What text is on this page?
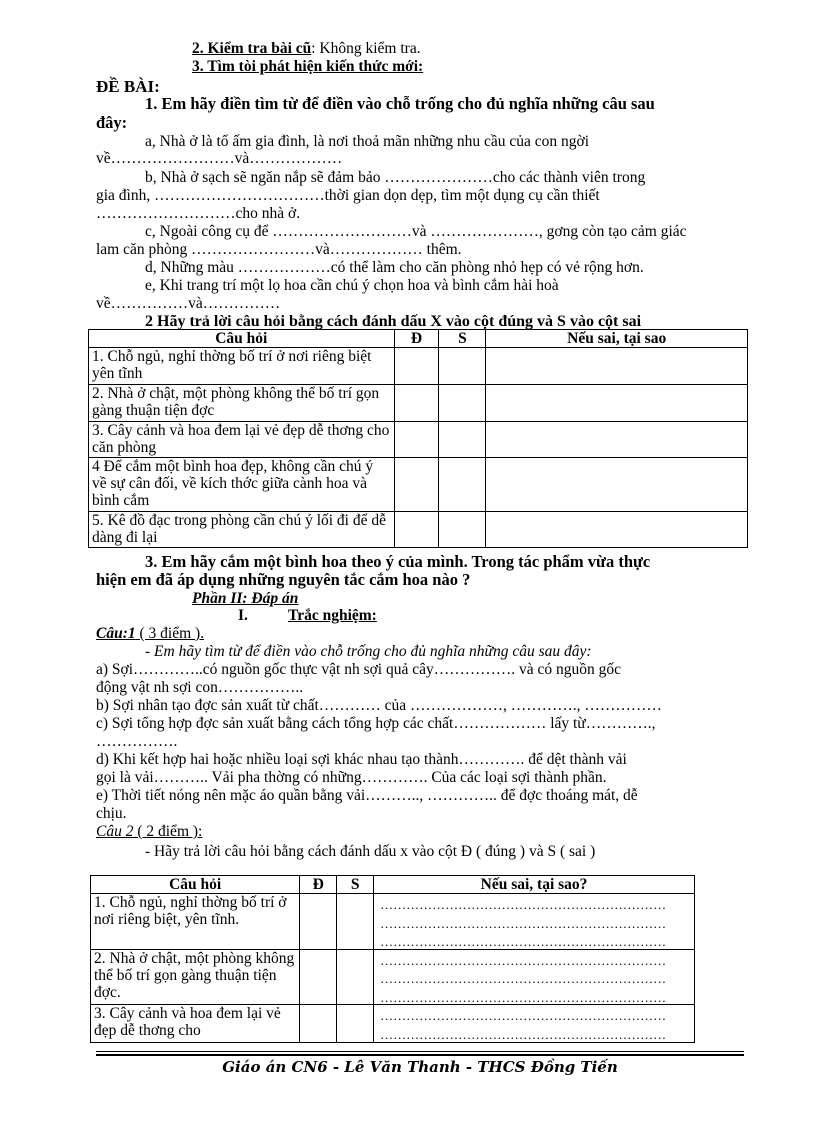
2. Kiểm tra bài cũ: Không kiểm tra.
3. Tìm tòi phát hiện kiến thức mới:
ĐỀ BÀI:
1. Em hãy điền tìm từ để điền vào chỗ trống cho đủ nghĩa những câu sau
đây:
a, Nhà ở là tổ ấm gia đình, là nơi thoả mãn những nhu cầu của con ngời
về……………………và………………
b, Nhà ở sạch sẽ ngăn nắp sẽ đảm bảo …………………cho các thành viên trong
gia đình, ……………………………thời gian dọn dẹp, tìm một dụng cụ cần thiết
………………………cho nhà ở.
c, Ngoài công cụ để ………………………và …………………, gơng còn tạo cảm giác
lam căn phòng ……………………và……………… thêm.
d, Những màu ………………có thể làm cho căn phòng nhỏ hẹp có vẻ rộng hơn.
e, Khi trang trí một lọ hoa cần chú ý chọn hoa và bình cắm hài hoà
về……………và……………
2 Hãy trả lời câu hỏi bằng cách đánh dấu X vào cột đúng và S vào cột sai
Câu hỏi	Đ	S	Nếu sai, tại sao
1. Chỗ ngủ, nghỉ thờng bố trí ở nơi riêng biệt yên tĩnh			
2. Nhà ở chật, một phòng không thể bố trí gọn gàng thuận tiện đợc			
3. Cây cảnh và hoa đem lại vẻ đẹp dễ thơng cho căn phòng			
4 Để cắm một bình hoa đẹp, không cần chú ý về sự cân đối, về kích thớc giữa cành hoa và bình cắm			
5. Kê đồ đạc trong phòng cần chú ý lối đi để dễ dàng đi lại			
3. Em hãy cắm một bình hoa theo ý của mình. Trong tác phẩm vừa thực
hiện em đã áp dụng những nguyên tắc cắm hoa nào ?
Phần II: Đáp án
I.	Trắc nghiệm:
Câu:1 ( 3 điểm ).
- Em hãy tìm từ để điền vào chỗ trống cho đủ nghĩa những câu sau đây:
a) Sợi…………..có nguồn gốc thực vật nh sợi quả cây……………. và có nguồn gốc
động vật nh sợi con……………..
b) Sợi nhân tạo đợc sản xuất từ chất………… của ………………, …………., ……………
c) Sợi tổng hợp đợc sản xuất bằng cách tổng hợp các chất……………… lấy từ………….,
…………….
d) Khi kết hợp hai hoặc nhiều loại sợi khác nhau tạo thành…………. để dệt thành vải
gọi là vải……….. Vải pha thờng có những…………. Của các loại sợi thành phần.
e) Thời tiết nóng nên mặc áo quần bằng vải……….., ………….. để đợc thoáng mát, dễ
chịu.
Câu 2 ( 2 điểm ):
- Hãy trả lời câu hỏi bằng cách đánh dấu x vào cột Đ ( đúng ) và S ( sai )
Câu hỏi	Đ	S	Nếu sai, tại sao?
1. Chỗ ngủ, nghỉ thờng bố trí ở nơi riêng biệt, yên tĩnh.			…………………………………………………………
…………………………………………………………
…………………………………………………………

2. Nhà ở chật, một phòng không thể bố trí gọn gàng thuận tiện đợc.			…………………………………………………………
…………………………………………………………
…………………………………………………………

3. Cây cảnh và hoa đem lại vẻ đẹp dễ thơng cho			…………………………………………………………
…………………………………………………………
Giáo án CN6 - Lê Văn Thanh - THCS Đồng Tiến
